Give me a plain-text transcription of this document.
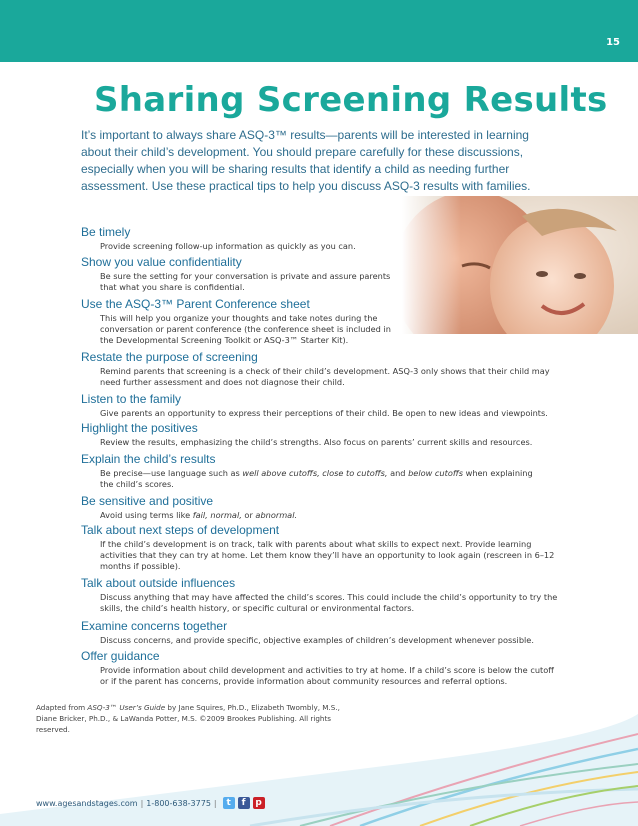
15
Sharing Screening Results

It’s important to always share ASQ-3™ results—parents will be interested in learning about their child’s development. You should prepare carefully for these discussions, especially when you will be sharing results that identify a child as needing further assessment. Use these practical tips to help you discuss ASQ-3 results with families.

Be timely

Provide screening follow-up information as quickly as you can.

Show you value confidentiality

Be sure the setting for your conversation is private and assure parents
that what you share is confidential.

Use the ASQ-3™ Parent Conference sheet

This will help you organize your thoughts and take notes during the
conversation or parent conference (the conference sheet is included in
the Developmental Screening Toolkit or ASQ-3™ Starter Kit).

Restate the purpose of screening

Remind parents that screening is a check of their child’s development. ASQ-3 only shows that their child may
need further assessment and does not diagnose their child.

Listen to the family

Give parents an opportunity to express their perceptions of their child. Be open to new ideas and viewpoints.

Highlight the positives

Review the results, emphasizing the child’s strengths. Also focus on parents’ current skills and resources.

Explain the child’s results

Be precise—use language such as well above cutoffs, close to cutoffs, and below cutoffs when explaining
the child’s scores.

Be sensitive and positive

Avoid using terms like fail, normal, or abnormal.

Talk about next steps of development

If the child’s development is on track, talk with parents about what skills to expect next. Provide learning
activities that they can try at home. Let them know they’ll have an opportunity to look again (rescreen in 6–12
months if possible).

Talk about outside influences

Discuss anything that may have affected the child’s scores. This could include the child’s opportunity to try the
skills, the child’s health history, or specific cultural or environmental factors.

Examine concerns together

Discuss concerns, and provide specific, objective examples of children’s development whenever possible.

Offer guidance

Provide information about child development and activities to try at home. If a child’s score is below the cutoff
or if the parent has concerns, provide information about community resources and referral options.

Adapted from ASQ-3™ User’s Guide by Jane Squires, Ph.D., Elizabeth Twombly, M.S.,
Diane Bricker, Ph.D., & LaWanda Potter, M.S. ©2009 Brookes Publishing. All rights reserved.

www.agesandstages.com | 1-800-638-3775 |	t	f	p
